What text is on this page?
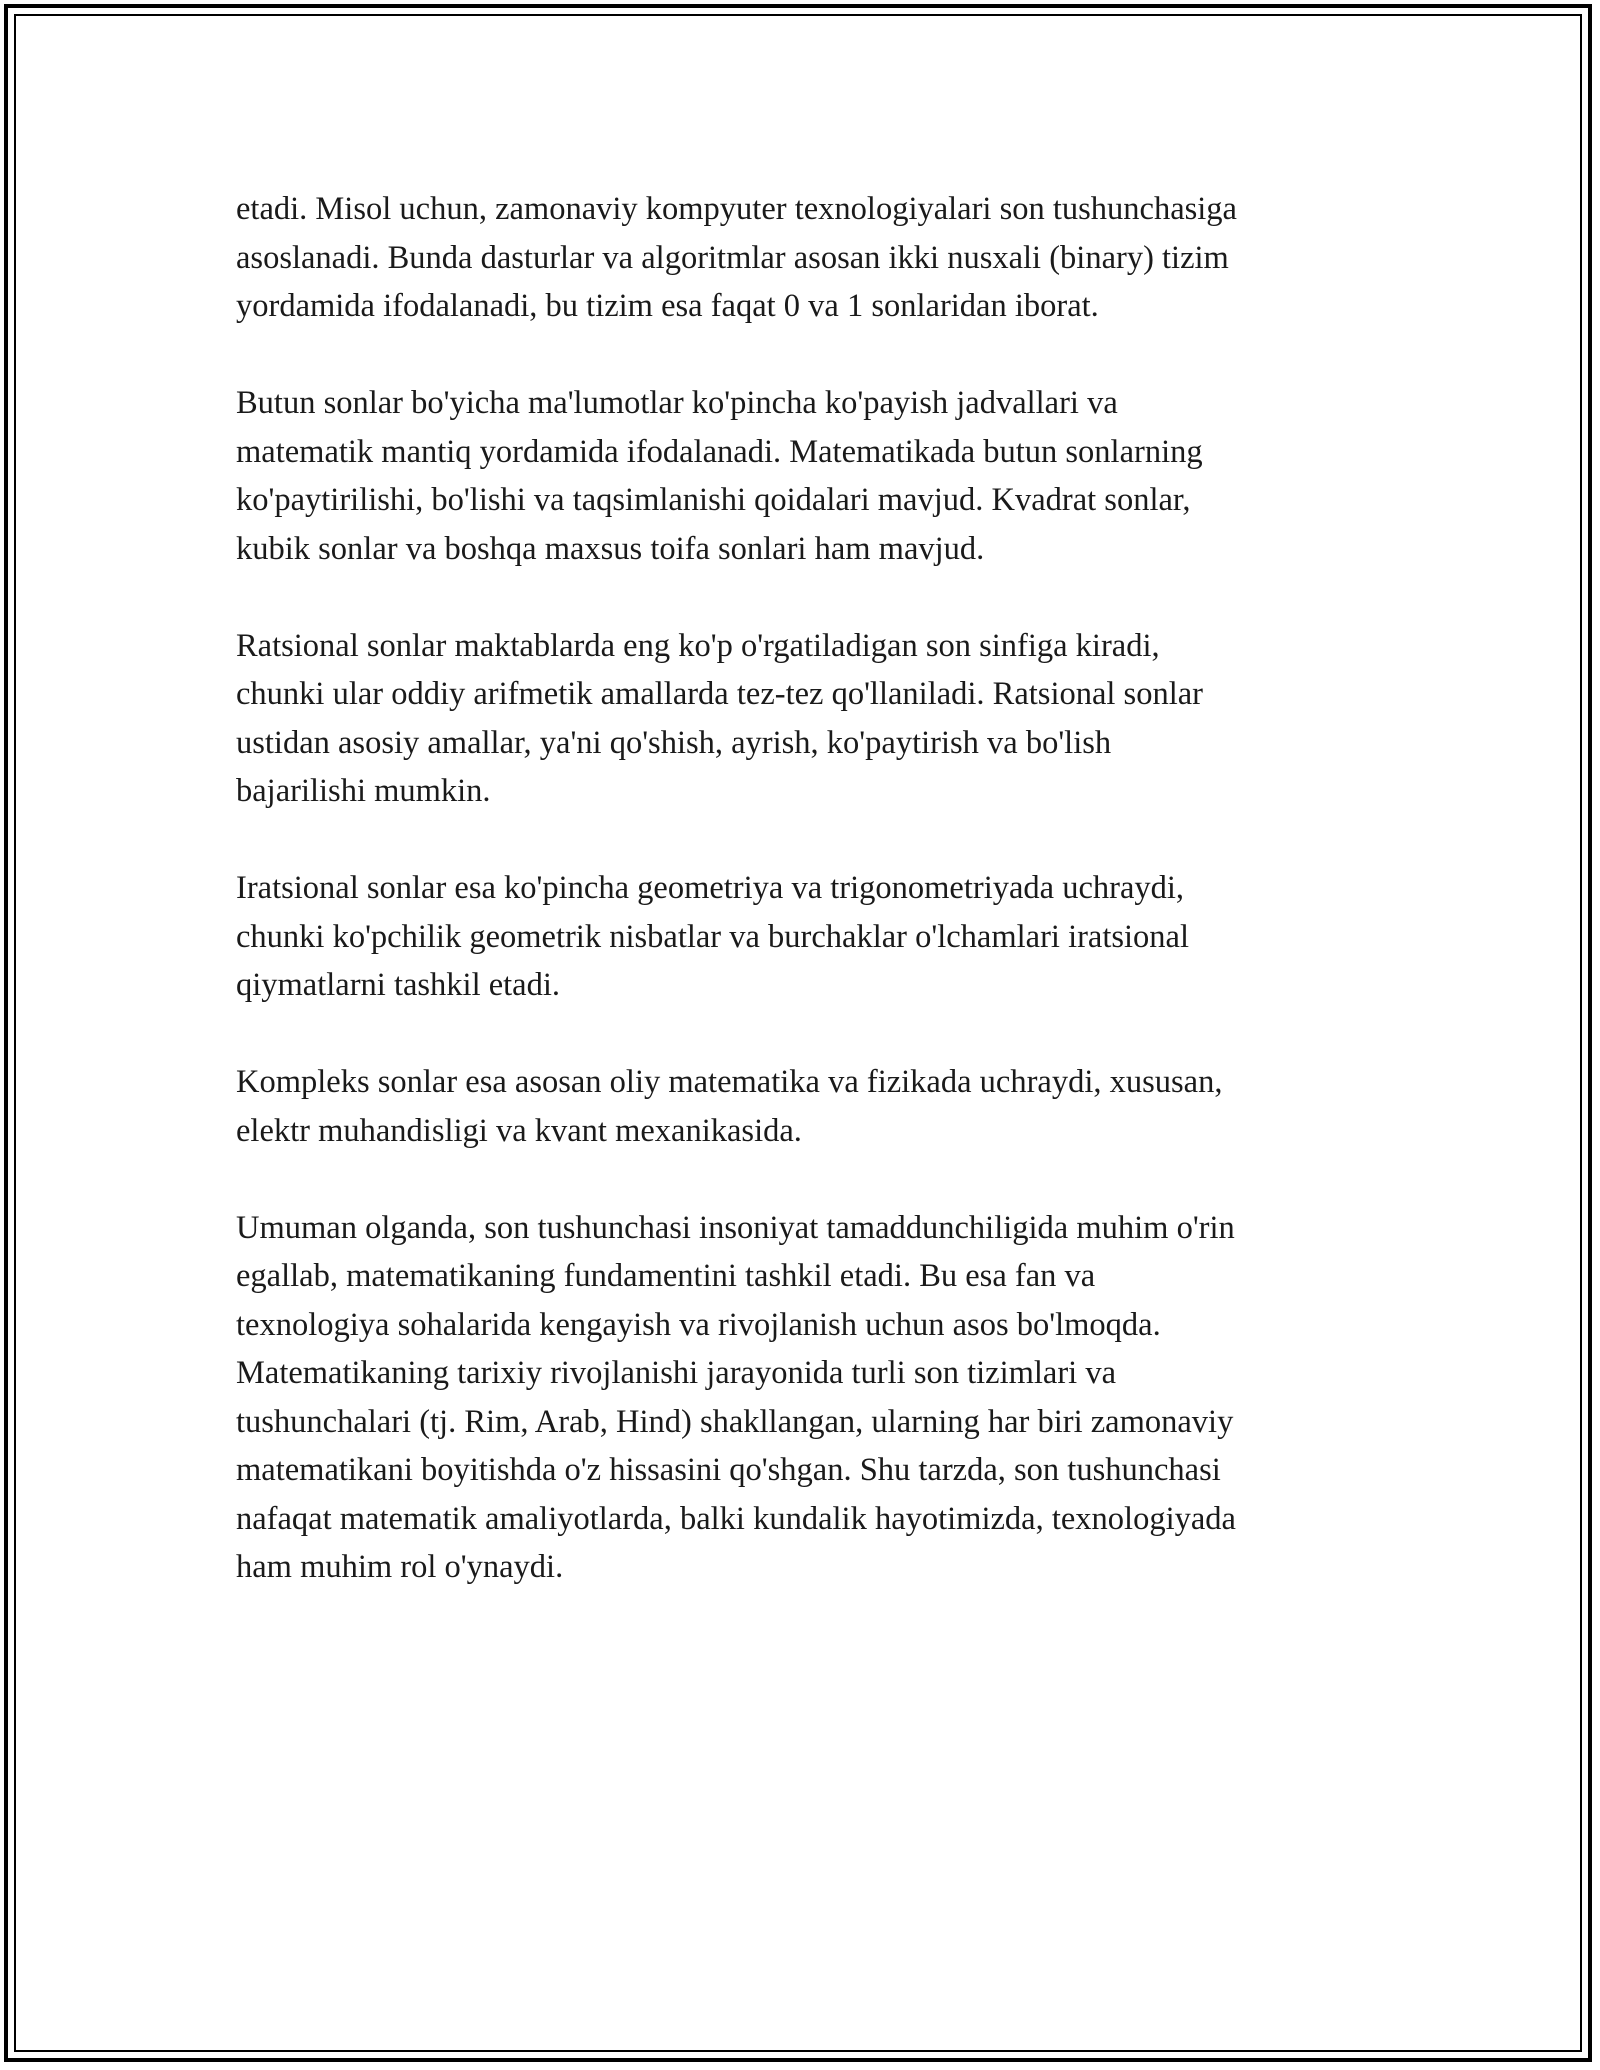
etadi. Misol uchun, zamonaviy kompyuter texnologiyalari son tushunchasiga
asoslanadi. Bunda dasturlar va algoritmlar asosan ikki nusxali (binary) tizim
yordamida ifodalanadi, bu tizim esa faqat 0 va 1 sonlaridan iborat.

Butun sonlar bo'yicha ma'lumotlar ko'pincha ko'payish jadvallari va
matematik mantiq yordamida ifodalanadi. Matematikada butun sonlarning
ko'paytirilishi, bo'lishi va taqsimlanishi qoidalari mavjud. Kvadrat sonlar,
kubik sonlar va boshqa maxsus toifa sonlari ham mavjud.

Ratsional sonlar maktablarda eng ko'p o'rgatiladigan son sinfiga kiradi,
chunki ular oddiy arifmetik amallarda tez-tez qo'llaniladi. Ratsional sonlar
ustidan asosiy amallar, ya'ni qo'shish, ayrish, ko'paytirish va bo'lish
bajarilishi mumkin.

Iratsional sonlar esa ko'pincha geometriya va trigonometriyada uchraydi,
chunki ko'pchilik geometrik nisbatlar va burchaklar o'lchamlari iratsional
qiymatlarni tashkil etadi.

Kompleks sonlar esa asosan oliy matematika va fizikada uchraydi, xususan,
elektr muhandisligi va kvant mexanikasida.

Umuman olganda, son tushunchasi insoniyat tamaddunchiligida muhim o'rin
egallab, matematikaning fundamentini tashkil etadi. Bu esa fan va
texnologiya sohalarida kengayish va rivojlanish uchun asos bo'lmoqda.
Matematikaning tarixiy rivojlanishi jarayonida turli son tizimlari va
tushunchalari (tj. Rim, Arab, Hind) shakllangan, ularning har biri zamonaviy
matematikani boyitishda o'z hissasini qo'shgan. Shu tarzda, son tushunchasi
nafaqat matematik amaliyotlarda, balki kundalik hayotimizda, texnologiyada
ham muhim rol o'ynaydi.
